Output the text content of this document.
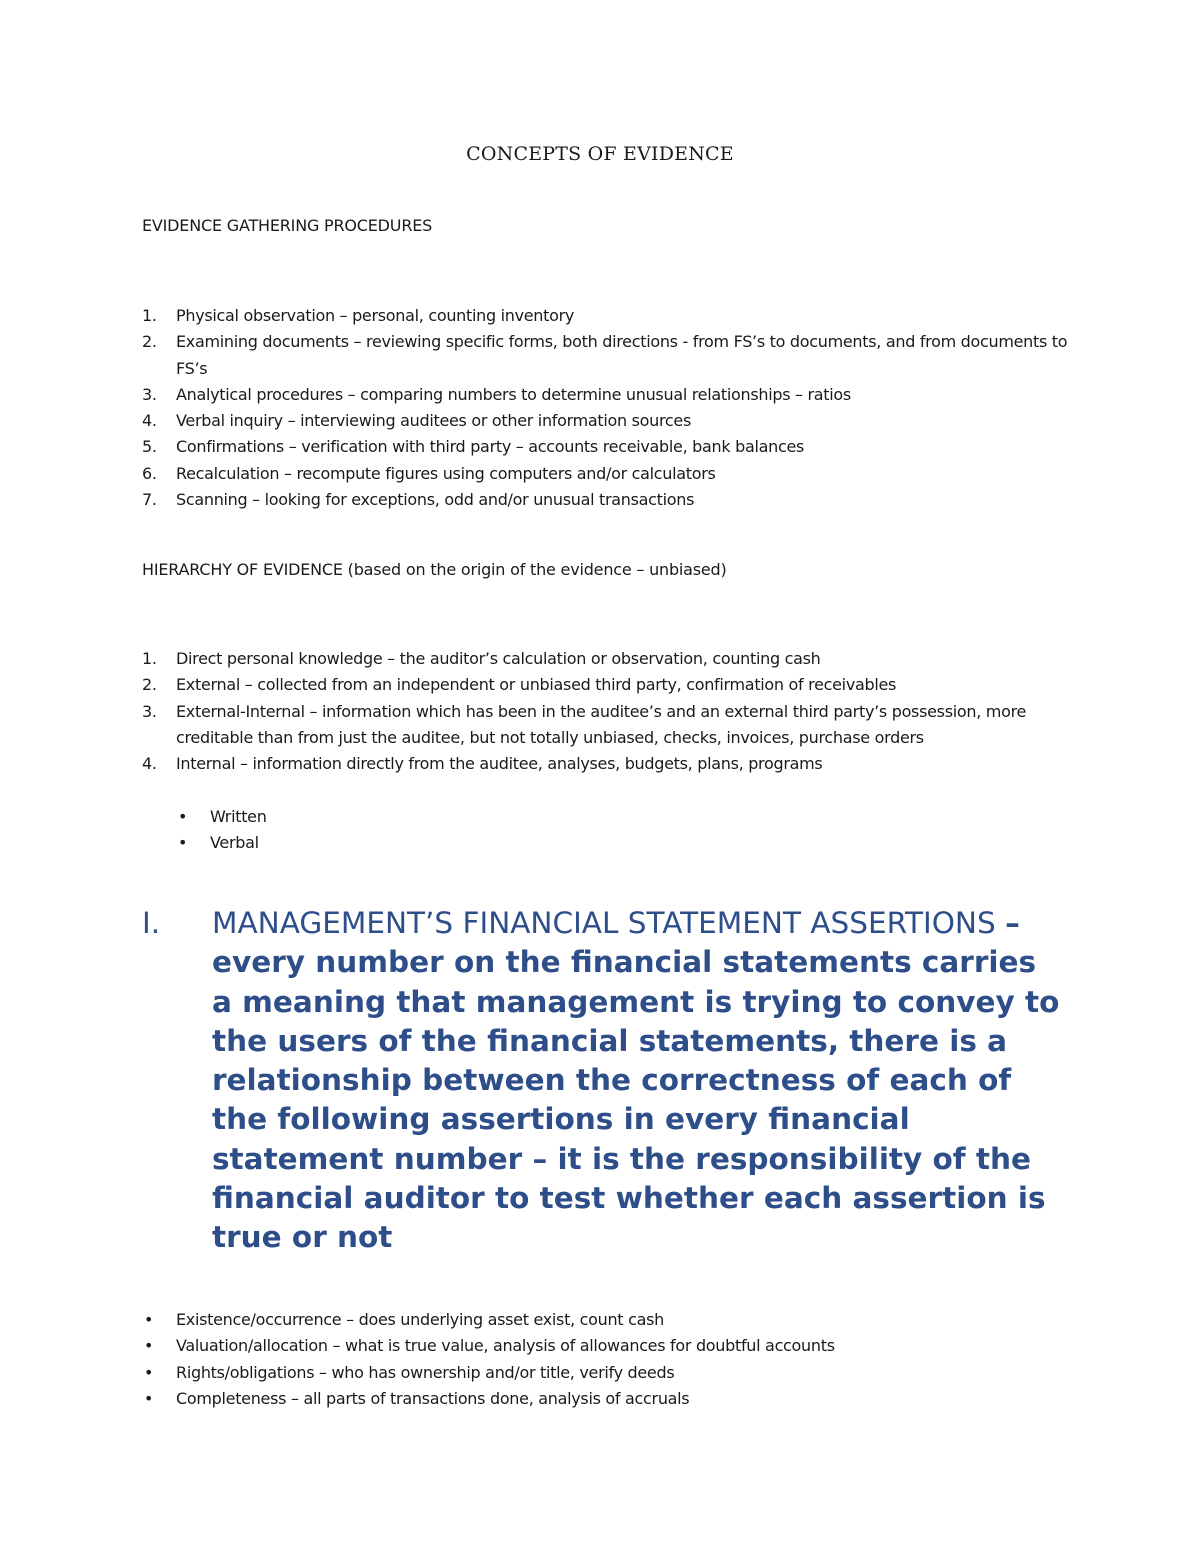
CONCEPTS OF EVIDENCE
EVIDENCE GATHERING PROCEDURES
1.	Physical observation – personal, counting inventory
2.	Examining documents – reviewing specific forms, both directions - from FS’s to documents, and from documents to FS’s
3.	Analytical procedures – comparing numbers to determine unusual relationships – ratios
4.	Verbal inquiry – interviewing auditees or other information sources
5.	Confirmations – verification with third party – accounts receivable, bank balances
6.	Recalculation – recompute figures using computers and/or calculators
7.	Scanning – looking for exceptions, odd and/or unusual transactions
HIERARCHY OF EVIDENCE (based on the origin of the evidence – unbiased)
1.	Direct personal knowledge – the auditor’s calculation or observation, counting cash
2.	External – collected from an independent or unbiased third party, confirmation of receivables
3.	External-Internal – information which has been in the auditee’s and an external third party’s possession, more creditable than from just the auditee, but not totally unbiased, checks, invoices, purchase orders
4.	Internal – information directly from the auditee, analyses, budgets, plans, programs
• Written
• Verbal
I. MANAGEMENT’S FINANCIAL STATEMENT ASSERTIONS – every number on the financial statements carries a meaning that management is trying to convey to the users of the financial statements, there is a relationship between the correctness of each of the following assertions in every financial statement number – it is the responsibility of the financial auditor to test whether each assertion is true or not
• Existence/occurrence – does underlying asset exist, count cash
• Valuation/allocation – what is true value, analysis of allowances for doubtful accounts
• Rights/obligations – who has ownership and/or title, verify deeds
• Completeness – all parts of transactions done, analysis of accruals
